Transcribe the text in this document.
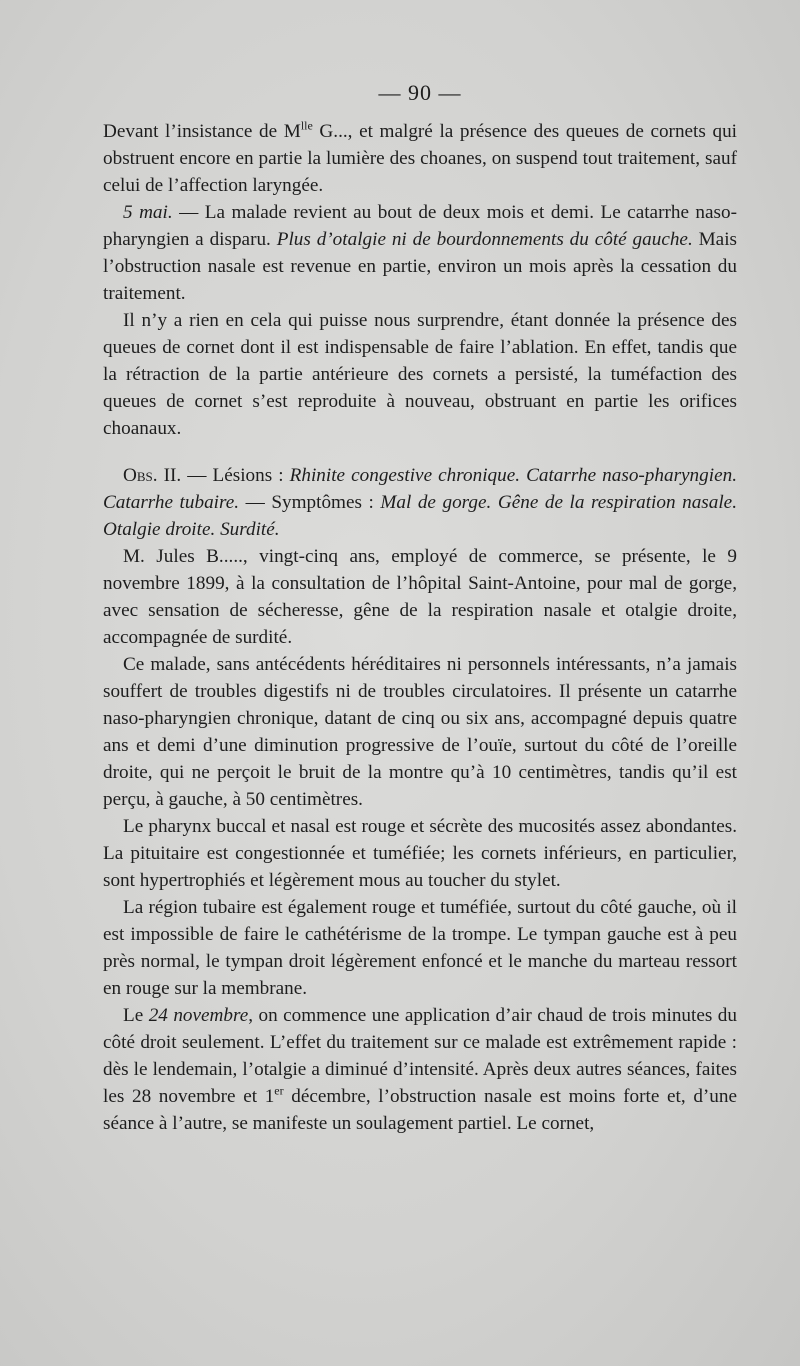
— 90 —

Devant l’insistance de $M^{lle}$ G..., et malgré la présence des queues de cornets qui obstruent encore en partie la lumière des choanes, on suspend tout traitement, sauf celui de l’affection laryngée.

5 mai. — La malade revient au bout de deux mois et demi. Le catarrhe naso-pharyngien a disparu. Plus d’otalgie ni de bourdonnements du côté gauche. Mais l’obstruction nasale est revenue en partie, environ un mois après la cessation du traitement.

Il n’y a rien en cela qui puisse nous surprendre, étant donnée la présence des queues de cornet dont il est indispensable de faire l’ablation. En effet, tandis que la rétraction de la partie antérieure des cornets a persisté, la tuméfaction des queues de cornet s’est reproduite à nouveau, obstruant en partie les orifices choanaux.

Obs. II. — Lésions : Rhinite congestive chronique. Catarrhe naso-pharyngien. Catarrhe tubaire. — Symptômes : Mal de gorge. Gêne de la respiration nasale. Otalgie droite. Surdité.

M. Jules B....., vingt-cinq ans, employé de commerce, se présente, le 9 novembre 1899, à la consultation de l’hôpital Saint-Antoine, pour mal de gorge, avec sensation de sécheresse, gêne de la respiration nasale et otalgie droite, accompagnée de surdité.

Ce malade, sans antécédents héréditaires ni personnels intéressants, n’a jamais souffert de troubles digestifs ni de troubles circulatoires. Il présente un catarrhe naso-pharyngien chronique, datant de cinq ou six ans, accompagné depuis quatre ans et demi d’une diminution progressive de l’ouïe, surtout du côté de l’oreille droite, qui ne perçoit le bruit de la montre qu’à 10 centimètres, tandis qu’il est perçu, à gauche, à 50 centimètres.

Le pharynx buccal et nasal est rouge et sécrète des mucosités assez abondantes. La pituitaire est congestionnée et tuméfiée; les cornets inférieurs, en particulier, sont hypertrophiés et légèrement mous au toucher du stylet.

La région tubaire est également rouge et tuméfiée, surtout du côté gauche, où il est impossible de faire le cathétérisme de la trompe. Le tympan gauche est à peu près normal, le tympan droit légèrement enfoncé et le manche du marteau ressort en rouge sur la membrane.

Le 24 novembre, on commence une application d’air chaud de trois minutes du côté droit seulement. L’effet du traitement sur ce malade est extrêmement rapide : dès le lendemain, l’otalgie a diminué d’intensité. Après deux autres séances, faites les 28 novembre et 1er décembre, l’obstruction nasale est moins forte et, d’une séance à l’autre, se manifeste un soulagement partiel. Le cornet,
